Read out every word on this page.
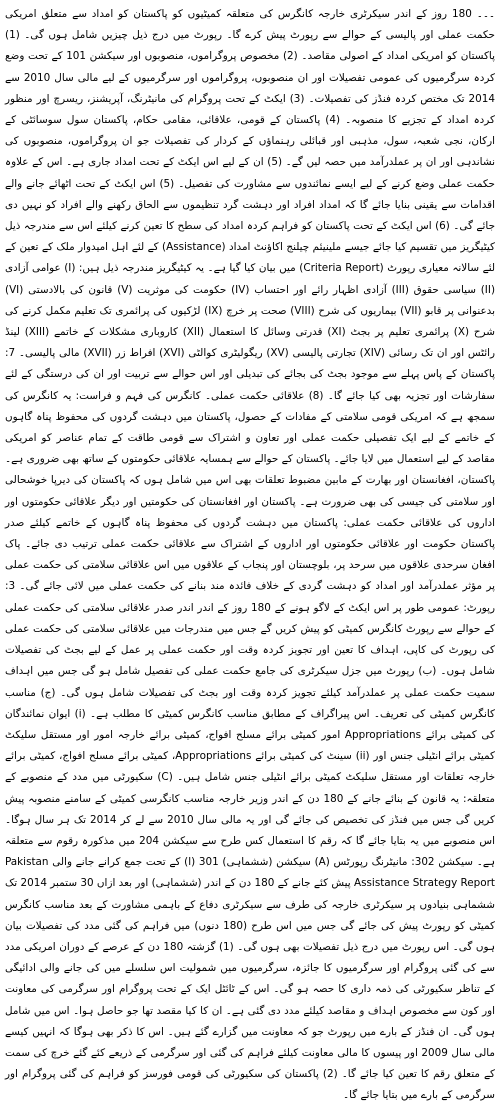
۔۔۔ 180 روز کے اندر سیکرٹری خارجہ کانگرس کی متعلقہ کمیٹیوں کو پاکستان کو امداد سے متعلق امریکی حکمت عملی اور پالیسی کے حوالے سے رپورٹ پیش کرے گا۔ رپورٹ میں درج ذیل چیزیں شامل ہوں گی۔ (1) پاکستان کو امریکی امداد کے اصولی مقاصد۔ (2) مخصوص پروگراموں، منصوبوں اور سیکشن 101 کے تحت وضع کردہ سرگرمیوں کی عمومی تفصیلات اور ان منصوبوں، پروگراموں اور سرگرمیوں کے لیے مالی سال 2010 سے 2014 تک مختص کردہ فنڈز کی تفصیلات۔ (3) ایکٹ کے تحت پروگرام کی مانیٹرنگ، آپریشنز، ریسرچ اور منظور کردہ امداد کے تجزیے کا منصوبہ۔ (4) پاکستان کے قومی، علاقائی، مقامی حکام، پاکستان سول سوسائٹی کے ارکان، نجی شعبہ، سول، مذہبی اور قبائلی رہنماؤں کے کردار کی تفصیلات جو ان پروگراموں، منصوبوں کی نشاندہی اور ان پر عملدرآمد میں حصہ لیں گے۔ (5) ان کے لیے اس ایکٹ کے تحت امداد جاری ہے۔ اس کے علاوہ حکمت عملی وضع کرنے کے لیے ایسے نمائندوں سے مشاورت کی تفصیل۔ (5) اس ایکٹ کے تحت اٹھائے جانے والے اقدامات سے یقینی بنایا جائے گا کہ امداد افراد اور دہشت گرد تنظیموں سے الحاق رکھنے والے افراد کو نہیں دی جائے گی۔ (6) اس ایکٹ کے تحت پاکستان کو فراہم کردہ امداد کی سطح کا تعین کرنے کیلئے اس سے مندرجہ ذیل کیٹیگریز میں تقسیم کیا جائے جیسے ملینیئم چیلنج اکاؤنٹ امداد (Assistance) کے لئے اہل امیدوار ملک کے تعین کے لئے سالانہ معیاری رپورٹ (Criteria Report) میں بیان کیا گیا ہے۔ یہ کیٹیگریز مندرجہ ذیل ہیں: (I) عوامی آزادی (II) سیاسی حقوق (III) آزادی اظہار رائے اور احتساب (IV) حکومت کی موثریت (V) قانون کی بالادستی (VI) بدعنوانی پر قابو (VII) بیماریوں کی شرح (VIII) صحت پر خرچ (IX) لڑکیوں کی پرائمری تک تعلیم مکمل کرنے کی شرح (X) پرائمری تعلیم پر بجٹ (XI) قدرتی وسائل کا استعمال (XII) کاروباری مشکلات کے خاتمے (XIII) لینڈ رائٹس اور ان تک رسائی (XIV) تجارتی پالیسی (XV) ریگولیٹری کوالٹی (XVI) افراط زر (XVII) مالی پالیسی۔ 7: پاکستان کے پاس پہلے سے موجود بجٹ کی بجائے کی تبدیلی اور اس حوالے سے تربیت اور ان کی درستگی کے لئے سفارشات اور تجزیہ بھی کیا جائے گا۔ (8) علاقائی حکمت عملی۔ کانگرس کی فہم و فراست: یہ کانگرس کی سمجھ ہے کہ امریکی قومی سلامتی کے مفادات کے حصول، پاکستان میں دہشت گردوں کی محفوظ پناہ گاہوں کے خاتمے کے لیے ایک تفصیلی حکمت عملی اور تعاون و اشتراک سے قومی طاقت کے تمام عناصر کو امریکی مقاصد کے لیے استعمال میں لایا جائے۔ پاکستان کے حوالے سے ہمسایہ علاقائی حکومتوں کے ساتھ بھی ضروری ہے۔ پاکستان، افغانستان اور بھارت کے مابین مضبوط تعلقات بھی اس میں شامل ہوں کہ پاکستان کی دیرپا خوشحالی اور سلامتی کی جیسی کی بھی ضرورت ہے۔ پاکستان اور افغانستان کی حکومتیں اور دیگر علاقائی حکومتوں اور اداروں کی علاقائی حکمت عملی: پاکستان میں دہشت گردوں کی محفوظ پناہ گاہوں کے خاتمے کیلئے صدر پاکستان حکومت اور علاقائی حکومتوں اور اداروں کے اشتراک سے علاقائی حکمت عملی ترتیب دی جائے۔ پاک افغان سرحدی علاقوں میں سرحد پر، بلوچستان اور پنجاب کے علاقوں میں اس علاقائی سلامتی کی حکمت عملی پر مؤثر عملدرآمد اور امداد کو دہشت گردی کے خلاف فائدہ مند بنانے کی حکمت عملی میں لائی جائے گی۔ 3: رپورٹ: عمومی طور پر اس ایکٹ کے لاگو ہونے کے 180 روز کے اندر اندر صدر علاقائی سلامتی کی حکمت عملی کے حوالے سے رپورٹ کانگرس کمیٹی کو پیش کریں گے جس میں مندرجات میں علاقائی سلامتی کی حکمت عملی کی رپورٹ کی کاپی، اہداف کا تعین اور تجویز کردہ وقت اور حکمت عملی پر عمل کے لیے بجٹ کی تفصیلات شامل ہوں۔ (ب) رپورٹ میں جزل سیکرٹری کی جامع حکمت عملی کی تفصیل شامل ہو گی جس میں اہداف سمیت حکمت عملی پر عملدرآمد کیلئے تجویز کردہ وقت اور بجٹ کی تفصیلات شامل ہوں گی۔ (ج) مناسب کانگرس کمیٹی کی تعریف۔ اس پیراگراف کے مطابق مناسب کانگرس کمیٹی کا مطلب ہے۔ (i) ایوان نمائندگان کی کمیٹی برائے Appropriations امور کمیٹی برائے مسلح افواج، کمیٹی برائے خارجہ امور اور مستقل سلیکٹ کمیٹی برائے انٹیلی جنس اور (ii) سینٹ کی کمیٹی برائے Appropriations، کمیٹی برائے مسلح افواج، کمیٹی برائے خارجہ تعلقات اور مستقل سلیکٹ کمیٹی برائے انٹیلی جنس شامل ہیں۔ (C) سکیورٹی میں مدد کے منصوبے کے متعلقہ: یہ قانون کے بنائے جانے کے 180 دن کے اندر وزیر خارجہ مناسب کانگرسی کمیٹی کے سامنے منصوبہ پیش کریں گی جس میں فنڈز کی تخصیص کی جائے گی اور یہ مالی سال 2010 سے لے کر 2014 تک ہر سال ہوگا۔ اس منصوبے میں یہ بتایا جائے گا کہ رقم کا استعمال کس طرح سے سیکشن 204 میں مذکورہ رقوم سے متعلقہ ہے۔ سیکشن 302: مانیٹرنگ رپورٹس (A) سیکشن (ششماہی) 301 (ا) کے تحت جمع کرانے جانے والی Pakistan Assistance Strategy Report پیش کئے جانے کے 180 دن کے اندر (ششماہی) اور بعد ازاں 30 ستمبر 2014 تک ششماہی بنیادوں پر سیکرٹری خارجہ کی طرف سے سیکرٹری دفاع کے باہمی مشاورت کے بعد مناسب کانگرس کمیٹی کو رپورٹ پیش کی جائے گی جس میں اس طرح (180 دنوں) میں فراہم کی گئی مدد کی تفصیلات بیان ہوں گی۔ اس رپورٹ میں درج ذیل تفصیلات بھی ہوں گی۔ (1) گزشتہ 180 دن کے عرصے کے دوران امریکی مدد سے کی گئی پروگرام اور سرگرمیوں کا جائزہ، سرگرمیوں میں شمولیت اس سلسلے میں کی جانے والی ادائیگی کے تناظر سکیورٹی کی ذمہ داری کا حصہ ہو گی۔ اس کے ٹائٹل ایک کے تحت پروگرام اور سرگرمی کی معاونت اور کون سے مخصوص اہداف و مقاصد کیلئے مدد دی گئی ہے۔ ان کا کیا مقصد تھا جو حاصل ہوا۔ اس میں شامل ہوں گی۔ ان فنڈز کے بارے میں رپورٹ جو کہ معاونت میں گزارے گئے ہیں۔ اس کا ذکر بھی ہوگا کہ انہیں کیسے مالی سال 2009 اور پیسوں کا مالی معاونت کیلئے فراہم کی گئی اور سرگرمی کے ذریعے کئے گئے خرچ کی سمت کے متعلق رقم کا تعین کیا جائے گا۔ (2) پاکستان کی سکیورٹی کی قومی فورسز کو فراہم کی گئی پروگرام اور سرگرمی کے بارے میں بتایا جائے گا۔
